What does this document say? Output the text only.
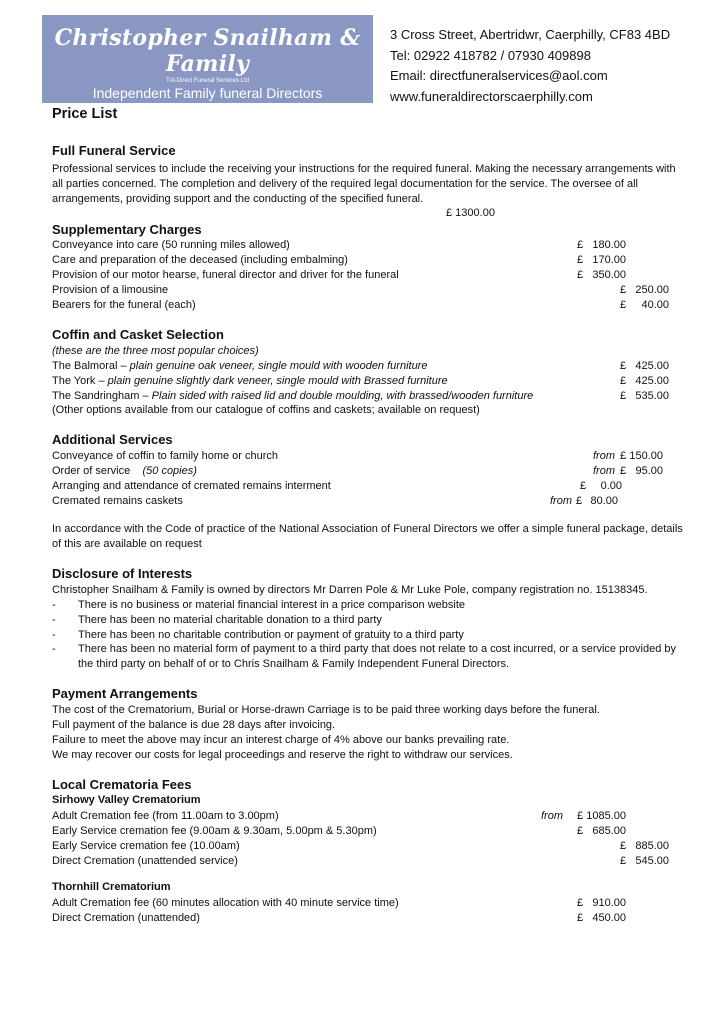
Christopher Snailham & Family
T/A Direct Funeral Services Ltd
Independent Family funeral Directors
Caerphilly
3 Cross Street, Abertridwr, Caerphilly, CF83 4BD
Tel: 02922 418782 / 07930 409898
Email: directfuneralservices@aol.com
www.funeraldirectorscaerphilly.com
Price List
Full Funeral Service
Professional services to include the receiving your instructions for the required funeral. Making the necessary arrangements with all parties concerned. The completion and delivery of the required legal documentation for the service. The oversee of all arrangements, providing support and the conducting of the specified funeral.
£ 1300.00
Supplementary Charges
Conveyance into care (50 running miles allowed)	£ 180.00
Care and preparation of the deceased (including embalming)	£ 170.00
Provision of our motor hearse, funeral director and driver for the funeral	£ 350.00
Provision of a limousine	£ 250.00
Bearers for the funeral (each)	£ 40.00
Coffin and Casket Selection
(these are the three most popular choices)
The Balmoral – plain genuine oak veneer, single mould with wooden furniture	£ 425.00
The York – plain genuine slightly dark veneer, single mould with Brassed furniture	£ 425.00
The Sandringham – Plain sided with raised lid and double moulding, with brassed/wooden furniture	£ 535.00
(Other options available from our catalogue of coffins and caskets; available on request)
Additional Services
Conveyance of coffin to family home or church	from £ 150.00
Order of service (50 copies)	from £ 95.00
Arranging and attendance of cremated remains interment	£ 0.00
Cremated remains caskets	from £ 80.00
In accordance with the Code of practice of the National Association of Funeral Directors we offer a simple funeral package, details of this are available on request
Disclosure of Interests
Christopher Snailham & Family is owned by directors Mr Darren Pole & Mr Luke Pole, company registration no. 15138345.
- There is no business or material financial interest in a price comparison website
- There has been no material charitable donation to a third party
- There has been no charitable contribution or payment of gratuity to a third party
- There has been no material form of payment to a third party that does not relate to a cost incurred, or a service provided by the third party on behalf of or to Chris Snailham & Family Independent Funeral Directors.
Payment Arrangements
The cost of the Crematorium, Burial or Horse-drawn Carriage is to be paid three working days before the funeral.
Full payment of the balance is due 28 days after invoicing.
Failure to meet the above may incur an interest charge of 4% above our banks prevailing rate.
We may recover our costs for legal proceedings and reserve the right to withdraw our services.
Local Crematoria Fees
Sirhowy Valley Crematorium
Adult Cremation fee (from 11.00am to 3.00pm)	from £ 1085.00
Early Service cremation fee (9.00am & 9.30am, 5.00pm & 5.30pm)	£ 685.00
Early Service cremation fee (10.00am)	£ 885.00
Direct Cremation (unattended service)	£ 545.00
Thornhill Crematorium
Adult Cremation fee (60 minutes allocation with 40 minute service time)	£ 910.00
Direct Cremation (unattended)	£ 450.00
